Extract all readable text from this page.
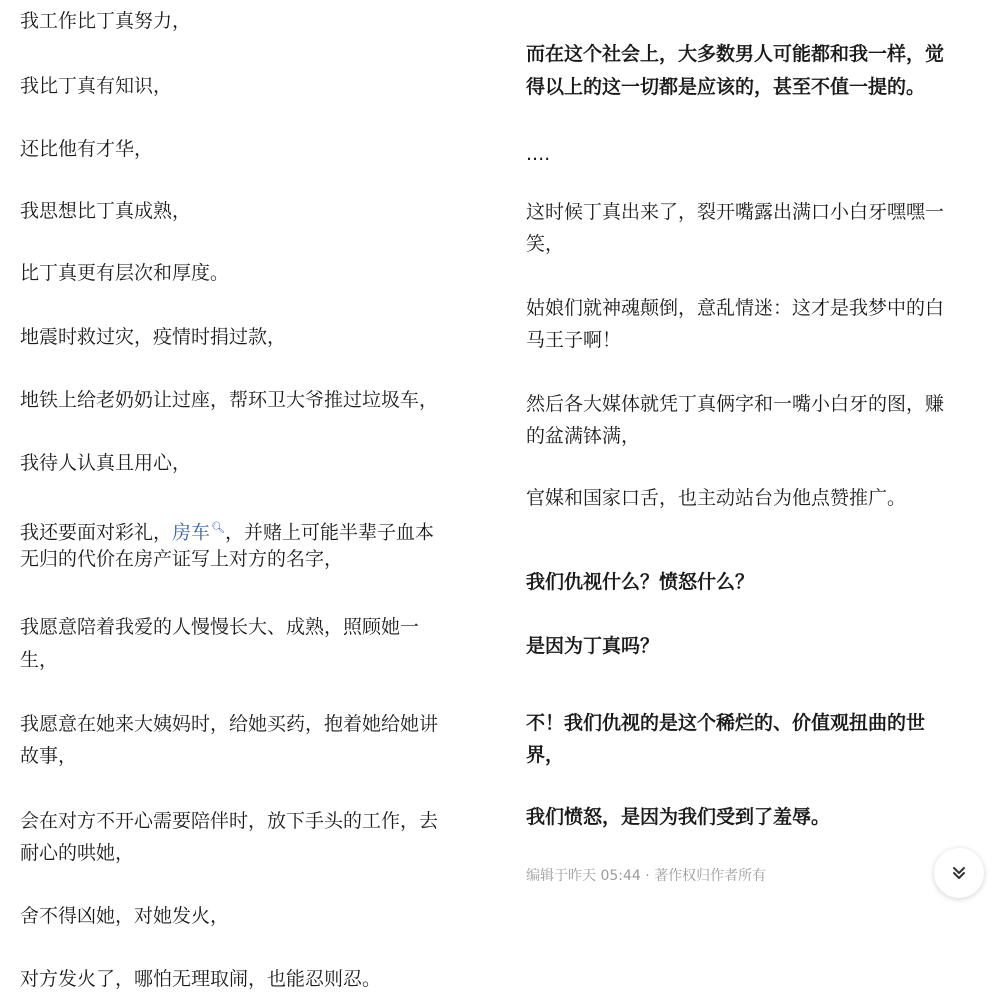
我工作比丁真努力，

我比丁真有知识，

还比他有才华，

我思想比丁真成熟，

比丁真更有层次和厚度。

地震时救过灾，疫情时捐过款，

地铁上给老奶奶让过座，帮环卫大爷推过垃圾车，

我待人认真且用心，

我还要面对彩礼，房车🔍︎，并赌上可能半辈子血本

无归的代价在房产证写上对方的名字，

我愿意陪着我爱的人慢慢长大、成熟，照顾她一

生，

我愿意在她来大姨妈时，给她买药，抱着她给她讲

故事，

会在对方不开心需要陪伴时，放下手头的工作，去

耐心的哄她，

舍不得凶她，对她发火，

对方发火了，哪怕无理取闹，也能忍则忍。

而在这个社会上，大多数男人可能都和我一样，觉

得以上的这一切都是应该的，甚至不值一提的。

....

这时候丁真出来了，裂开嘴露出满口小白牙嘿嘿一

笑，

姑娘们就神魂颠倒，意乱情迷：这才是我梦中的白

马王子啊！

然后各大媒体就凭丁真俩字和一嘴小白牙的图，赚

的盆满钵满，

官媒和国家口舌，也主动站台为他点赞推广。

我们仇视什么？愤怒什么？

是因为丁真吗？

不！我们仇视的是这个稀烂的、价值观扭曲的世

界，

我们愤怒，是因为我们受到了羞辱。

编辑于昨天 05:44 · 著作权归作者所有
